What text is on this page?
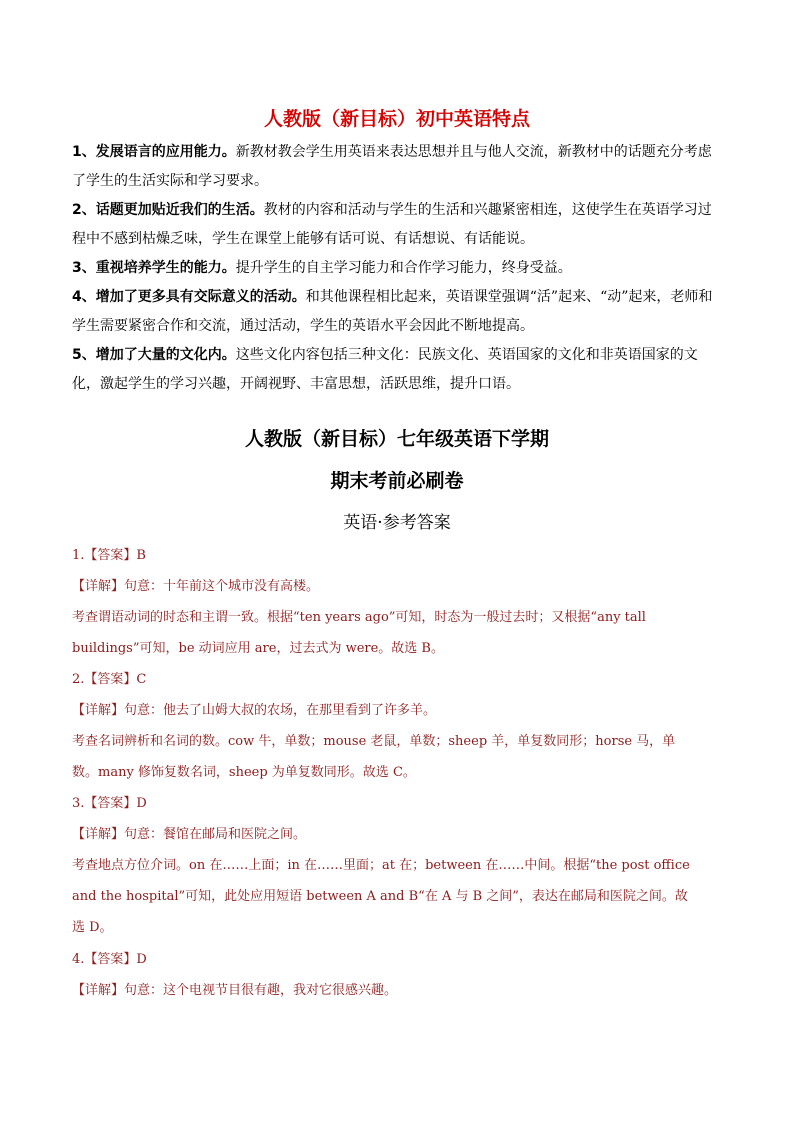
人教版（新目标）初中英语特点
1、发展语言的应用能力。新教材教会学生用英语来表达思想并且与他人交流，新教材中的话题充分考虑了学生的生活实际和学习要求。
2、话题更加贴近我们的生活。教材的内容和活动与学生的生活和兴趣紧密相连，这使学生在英语学习过程中不感到枯燥乏味，学生在课堂上能够有话可说、有话想说、有话能说。
3、重视培养学生的能力。提升学生的自主学习能力和合作学习能力，终身受益。
4、增加了更多具有交际意义的活动。和其他课程相比起来，英语课堂强调“活”起来、“动”起来，老师和学生需要紧密合作和交流，通过活动，学生的英语水平会因此不断地提高。
5、增加了大量的文化内。这些文化内容包括三种文化：民族文化、英语国家的文化和非英语国家的文化，激起学生的学习兴趣，开阔视野、丰富思想，活跃思维，提升口语。
人教版（新目标）七年级英语下学期
期末考前必刷卷
英语·参考答案
1.【答案】B
【详解】句意：十年前这个城市没有高楼。
考查谓语动词的时态和主谓一致。根据“ten years ago”可知，时态为一般过去时；又根据“any tall buildings”可知，be 动词应用 are，过去式为 were。故选 B。
2.【答案】C
【详解】句意：他去了山姆大叔的农场，在那里看到了许多羊。
考查名词辨析和名词的数。cow 牛，单数；mouse 老鼠，单数；sheep 羊，单复数同形；horse 马，单数。many 修饰复数名词，sheep 为单复数同形。故选 C。
3.【答案】D
【详解】句意：餐馆在邮局和医院之间。
考查地点方位介词。on 在……上面；in 在……里面；at 在；between 在……中间。根据“the post office and the hospital”可知，此处应用短语 between A and B“在 A 与 B 之间”，表达在邮局和医院之间。故选 D。
4.【答案】D
【详解】句意：这个电视节目很有趣，我对它很感兴趣。
